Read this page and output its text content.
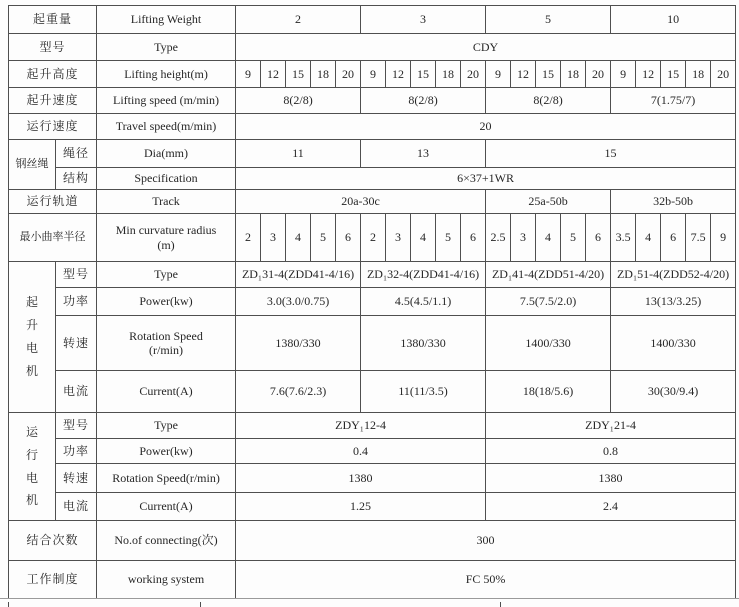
起重量		Lifting Weight	2					3					5					10				
型号		Type	CDY																			
起升高度		Lifting height(m)	9	12	15	18	20	9	12	15	18	20	9	12	15	18	20	9	12	15	18	20
起升速度		Lifting speed (m/min)	8(2/8)					8(2/8)					8(2/8)					7(1.75/7)				
运行速度		Travel speed(m/min)	20																			
钢丝绳	绳径	Dia(mm)	11					13					15									
	结构	Specification	6×37+1WR																			
运行轨道		Track	20a-30c										25a-50b					32b-50b				
最小曲率半径		Min curvature radius
(m)	2	3	4	5	6	2	3	4	5	6	2.5	3	4	5	6	3.5	4	6	7.5	9

起升电机	型号	Type	ZD₁31-4(ZDD41-4/16)					ZD₁32-4(ZDD41-4/16)					ZD₁41-4(ZDD51-4/20)					ZD₁51-4(ZDD52-4/20)				
	功率	Power(kw)	3.0(3.0/0.75)					4.5(4.5/1.1)					7.5(7.5/2.0)					13(13/3.25)				
	转速	Rotation Speed
(r/min)	1380/330					1380/330					1400/330					1400/330				
	电流	Current(A)	7.6(7.6/2.3)					11(11/3.5)					18(18/5.6)					30(30/9.4)				

运行电机	型号	Type	ZDY₁12-4										ZDY₁21-4									
	功率	Power(kw)	0.4										0.8									
	转速	Rotation Speed(r/min)	1380										1380									
	电流	Current(A)	1.25										2.4									
结合次数		No.of connecting(次)	300																			
工作制度		working system	FC 50%																			
